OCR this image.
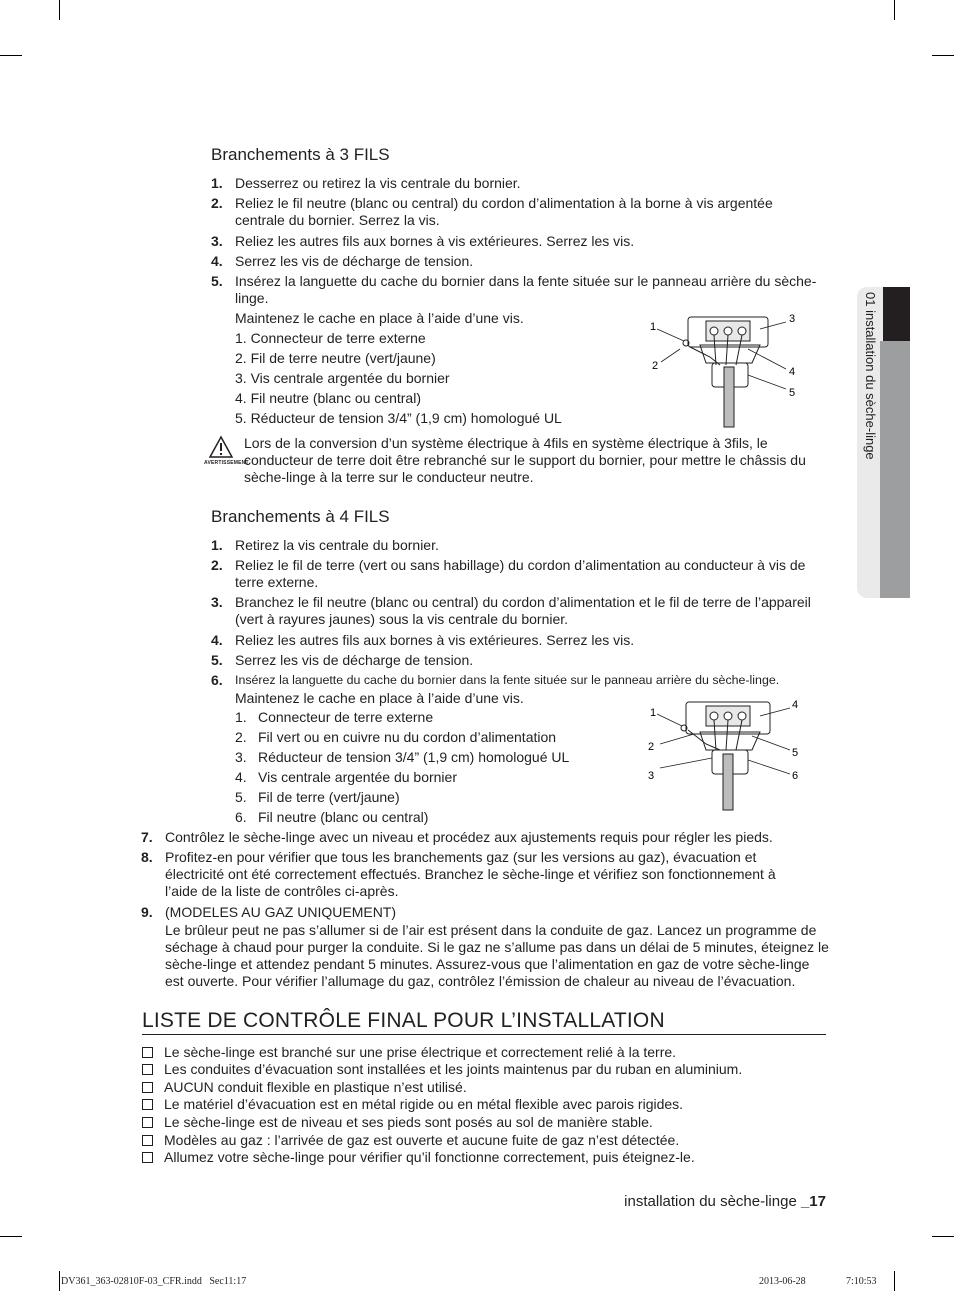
01 installation du sèche-linge
Branchements à 3 FILS
1. Desserrez ou retirez la vis centrale du bornier.
2. Reliez le fil neutre (blanc ou central) du cordon d’alimentation à la borne à vis argentée centrale du bornier. Serrez la vis.
3. Reliez les autres fils aux bornes à vis extérieures. Serrez les vis.
4. Serrez les vis de décharge de tension.
5. Insérez la languette du cache du bornier dans la fente située sur le panneau arrière du sèche-linge.
Maintenez le cache en place à l’aide d’une vis.
1. Connecteur de terre externe
2. Fil de terre neutre (vert/jaune)
3. Vis centrale argentée du bornier
4. Fil neutre (blanc ou central)
5. Réducteur de tension 3/4” (1,9 cm) homologué UL
1
2
3
4
5
AVERTISSEMENT
Lors de la conversion d’un système électrique à 4fils en système électrique à 3fils, le conducteur de terre doit être rebranché sur le support du bornier, pour mettre le châssis du sèche-linge à la terre sur le conducteur neutre.
Branchements à 4 FILS
1. Retirez la vis centrale du bornier.
2. Reliez le fil de terre (vert ou sans habillage) du cordon d’alimentation au conducteur à vis de terre externe.
3. Branchez le fil neutre (blanc ou central) du cordon d’alimentation et le fil de terre de l’appareil (vert à rayures jaunes) sous la vis centrale du bornier.
4. Reliez les autres fils aux bornes à vis extérieures. Serrez les vis.
5. Serrez les vis de décharge de tension.
6. Insérez la languette du cache du bornier dans la fente située sur le panneau arrière du sèche-linge.
Maintenez le cache en place à l’aide d’une vis.
1. Connecteur de terre externe
2. Fil vert ou en cuivre nu du cordon d’alimentation
3. Réducteur de tension 3/4” (1,9 cm) homologué UL
4. Vis centrale argentée du bornier
5. Fil de terre (vert/jaune)
6. Fil neutre (blanc ou central)
1
2
3
4
5
6
7. Contrôlez le sèche-linge avec un niveau et procédez aux ajustements requis pour régler les pieds.
8. Profitez-en pour vérifier que tous les branchements gaz (sur les versions au gaz), évacuation et électricité ont été correctement effectués. Branchez le sèche-linge et vérifiez son fonctionnement à l’aide de la liste de contrôles ci-après.
9. (MODELES AU GAZ UNIQUEMENT)
Le brûleur peut ne pas s’allumer si de l’air est présent dans la conduite de gaz. Lancez un programme de séchage à chaud pour purger la conduite. Si le gaz ne s’allume pas dans un délai de 5 minutes, éteignez le sèche-linge et attendez pendant 5 minutes. Assurez-vous que l’alimentation en gaz de votre sèche-linge est ouverte. Pour vérifier l’allumage du gaz, contrôlez l’émission de chaleur au niveau de l’évacuation.
LISTE DE CONTRÔLE FINAL POUR L’INSTALLATION
Le sèche-linge est branché sur une prise électrique et correctement relié à la terre.
Les conduites d’évacuation sont installées et les joints maintenus par du ruban en aluminium.
AUCUN conduit flexible en plastique n’est utilisé.
Le matériel d’évacuation est en métal rigide ou en métal flexible avec parois rigides.
Le sèche-linge est de niveau et ses pieds sont posés au sol de manière stable.
Modèles au gaz : l’arrivée de gaz est ouverte et aucune fuite de gaz n’est détectée.
Allumez votre sèche-linge pour vérifier qu’il fonctionne correctement, puis éteignez-le.
installation du sèche-linge _17
DV361_363-02810F-03_CFR.indd   Sec11:17	2013-06-28	7:10:53
